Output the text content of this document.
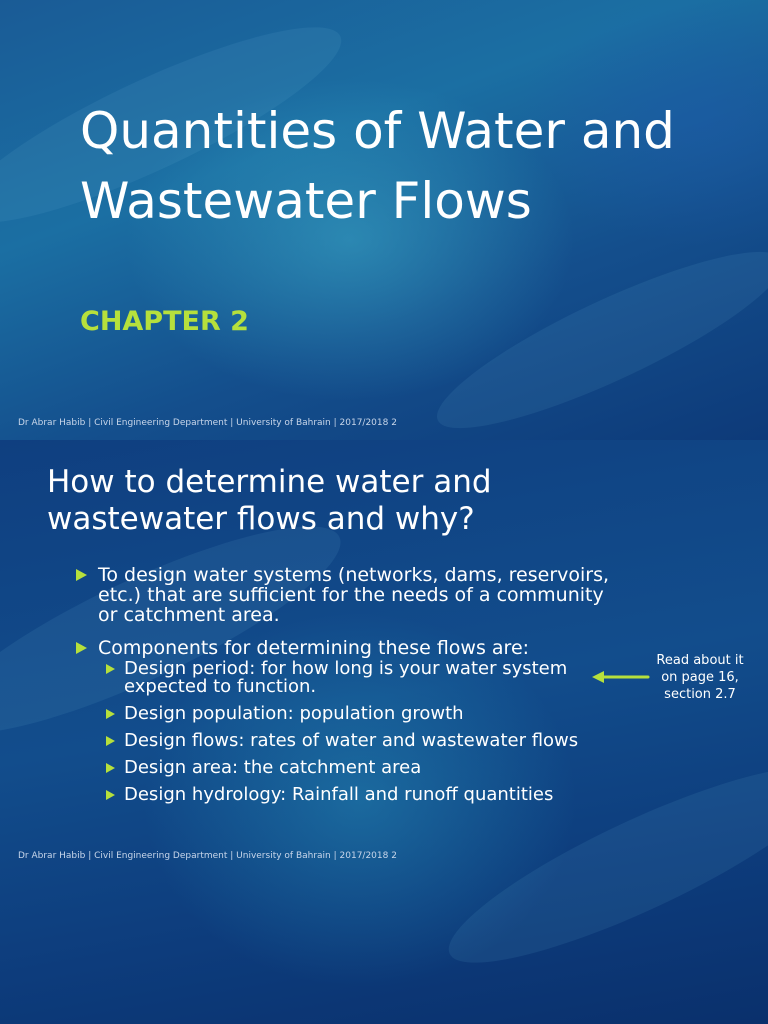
Quantities of Water and Wastewater Flows
CHAPTER 2
Dr Abrar Habib | Civil Engineering Department | University of Bahrain | 2017/2018 2
How to determine water and wastewater flows and why?
To design water systems (networks, dams, reservoirs, etc.) that are sufficient for the needs of a community or catchment area.
Components for determining these flows are:
Design period: for how long is your water system expected to function.
Design population: population growth
Design flows: rates of water and wastewater flows
Design area: the catchment area
Design hydrology: Rainfall and runoff quantities
Read about it on page 16, section 2.7
Dr Abrar Habib | Civil Engineering Department | University of Bahrain | 2017/2018 2
